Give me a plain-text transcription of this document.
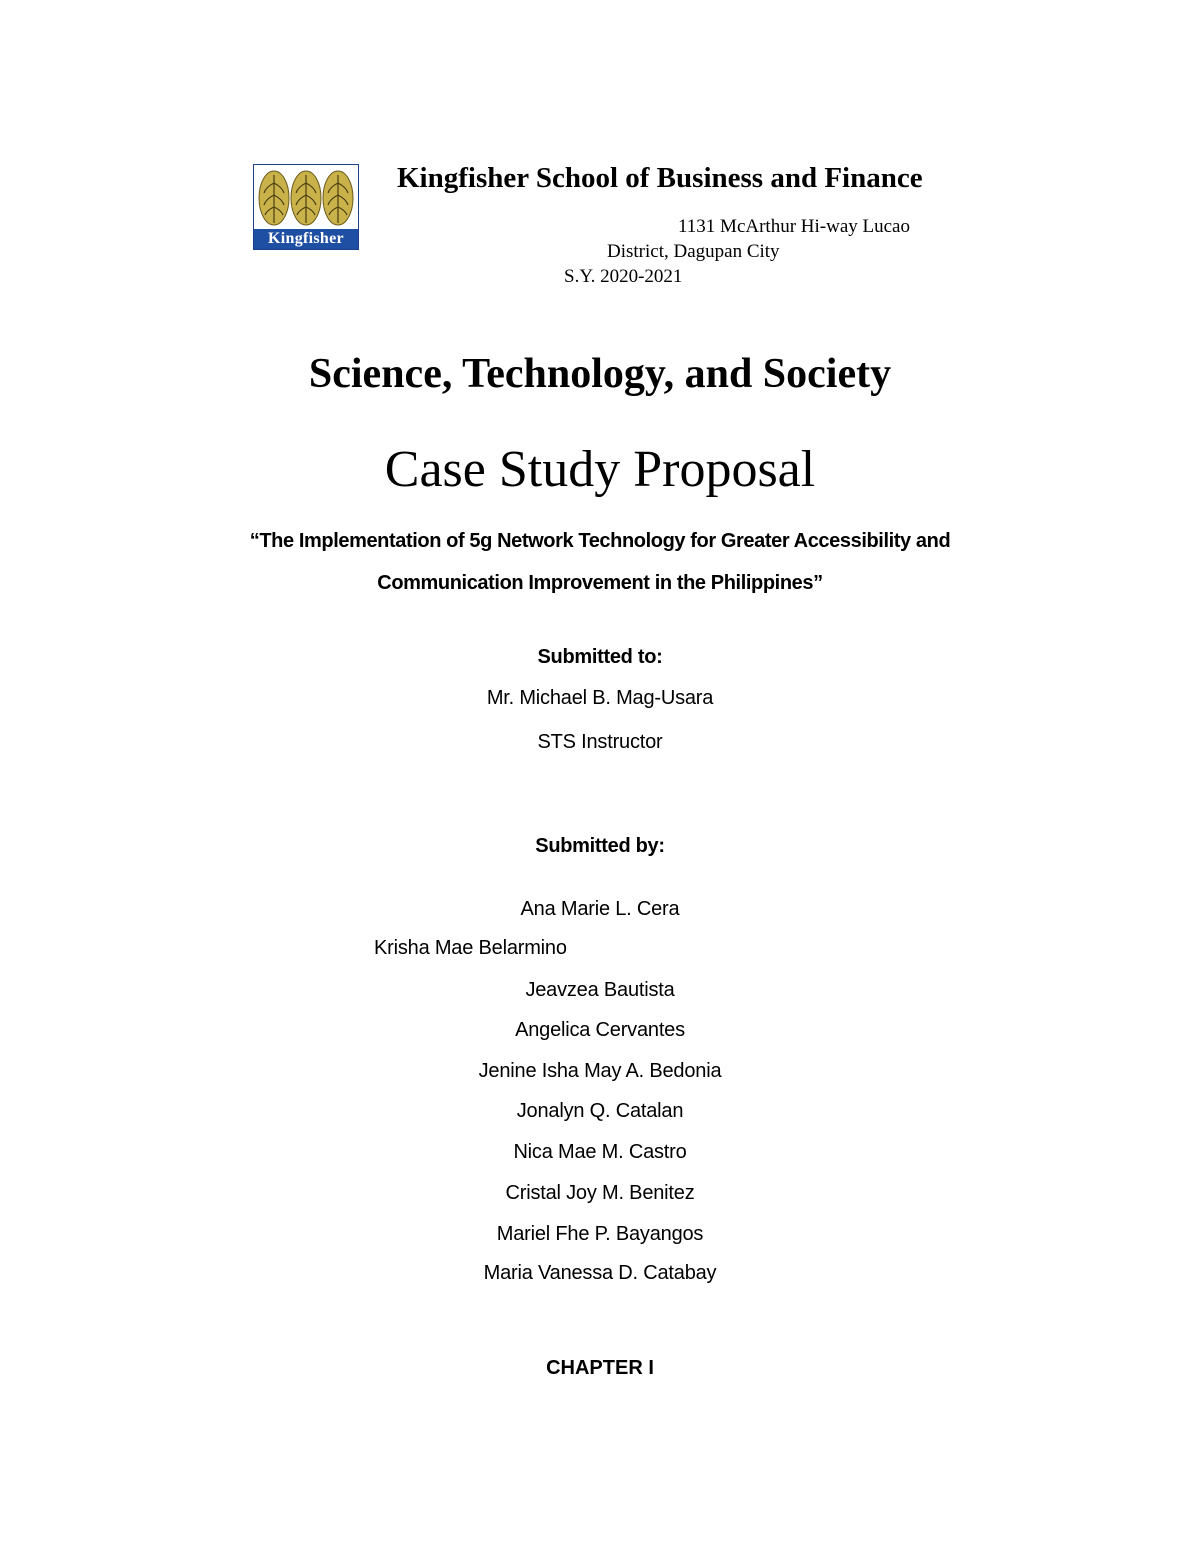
Kingfisher
Kingfisher School of Business and Finance
1131 McArthur Hi-way Lucao
District, Dagupan City
S.Y. 2020-2021
Science, Technology, and Society
Case Study Proposal
“The Implementation of 5g Network Technology for Greater Accessibility and
Communication Improvement in the Philippines”
Submitted to:
Mr. Michael B. Mag-Usara
STS Instructor
Submitted by:
Ana Marie L. Cera
Krisha Mae Belarmino
Jeavzea Bautista
Angelica Cervantes
Jenine Isha May A. Bedonia
Jonalyn Q. Catalan
Nica Mae M. Castro
Cristal Joy M. Benitez
Mariel Fhe P. Bayangos
Maria Vanessa D. Catabay
CHAPTER I
